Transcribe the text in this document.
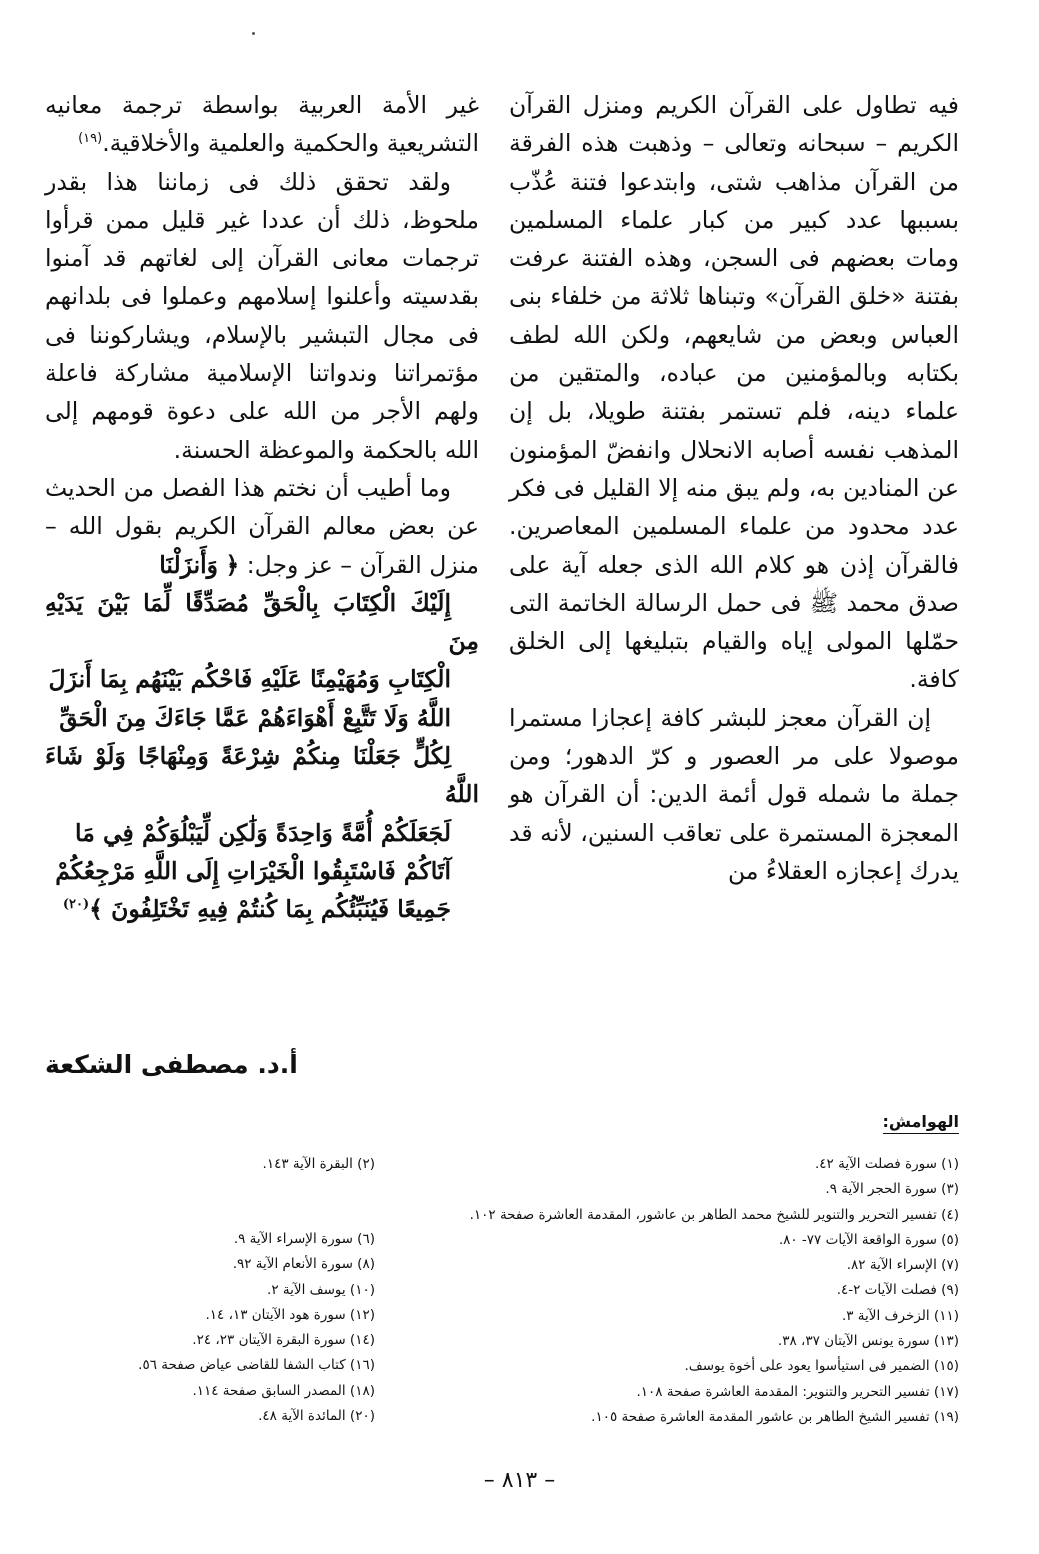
فيه تطاول على القرآن الكريم ومنزل القرآن الكريم – سبحانه وتعالى – وذهبت هذه الفرقة من القرآن مذاهب شتى، وابتدعوا فتنة عُذّب بسببها عدد كبير من كبار علماء المسلمين ومات بعضهم فى السجن، وهذه الفتنة عرفت بفتنة «خلق القرآن» وتبناها ثلاثة من خلفاء بنى العباس وبعض من شايعهم، ولكن الله لطف بكتابه وبالمؤمنين من عباده، والمتقين من علماء دينه، فلم تستمر بفتنة طويلا، بل إن المذهب نفسه أصابه الانحلال وانفضّ المؤمنون عن المنادين به، ولم يبق منه إلا القليل فى فكر عدد محدود من علماء المسلمين المعاصرين. فالقرآن إذن هو كلام الله الذى جعله آية على صدق محمد ﷺ فى حمل الرسالة الخاتمة التى حمّلها المولى إياه والقيام بتبليغها إلى الخلق كافة.

إن القرآن معجز للبشر كافة إعجازا مستمرا موصولا على مر العصور و كرّ الدهور؛ ومن جملة ما شمله قول أئمة الدين: أن القرآن هو المعجزة المستمرة على تعاقب السنين، لأنه قد يدرك إعجازه العقلاءُ من

غير الأمة العربية بواسطة ترجمة معانيه التشريعية والحكمية والعلمية والأخلاقية.$^{(١٩)}$

ولقد تحقق ذلك فى زماننا هذا بقدر ملحوظ، ذلك أن عددا غير قليل ممن قرأوا ترجمات معانى القرآن إلى لغاتهم قد آمنوا بقدسيته وأعلنوا إسلامهم وعملوا فى بلدانهم فى مجال التبشير بالإسلام، ويشاركوننا فى مؤتمراتنا وندواتنا الإسلامية مشاركة فاعلة ولهم الأجر من الله على دعوة قومهم إلى الله بالحكمة والموعظة الحسنة.

وما أطيب أن نختم هذا الفصل من الحديث عن بعض معالم القرآن الكريم بقول الله – منزل القرآن – عز وجل: ﴿ وَأَنزَلْنَا
إِلَيْكَ الْكِتَابَ بِالْحَقِّ مُصَدِّقًا لِّمَا بَيْنَ يَدَيْهِ مِنَ
الْكِتَابِ وَمُهَيْمِنًا عَلَيْهِ فَاحْكُم بَيْنَهُم بِمَا أَنزَلَ
اللَّهُ وَلَا تَتَّبِعْ أَهْوَاءَهُمْ عَمَّا جَاءَكَ مِنَ الْحَقِّ
لِكُلٍّ جَعَلْنَا مِنكُمْ شِرْعَةً وَمِنْهَاجًا وَلَوْ شَاءَ اللَّهُ
لَجَعَلَكُمْ أُمَّةً وَاحِدَةً وَلَٰكِن لِّيَبْلُوَكُمْ فِي مَا
آتَاكُمْ فَاسْتَبِقُوا الْخَيْرَاتِ إِلَى اللَّهِ مَرْجِعُكُمْ
جَمِيعًا فَيُنَبِّئُكُم بِمَا كُنتُمْ فِيهِ تَخْتَلِفُونَ ﴾$^{(٢٠)}$

أ.د. مصطفى الشكعة
الهوامش:
(١) سورة فصلت الآية ٤٢.
(٣) سورة الحجر الآية ٩.
(٤) تفسير التحرير والتنوير للشيخ محمد الطاهر بن عاشور، المقدمة العاشرة صفحة ١٠٢.
(٥) سورة الواقعة الآيات ٧٧- ٨٠.
(٧) الإسراء الآية ٨٢.
(٩) فصلت الآيات ٢-٤.
(١١) الزخرف الآية ٣.
(١٣) سورة يونس الآيتان ٣٧، ٣٨.
(١٥) الضمير فى استيأسوا يعود على أخوة يوسف.
(١٧) تفسير التحرير والتنوير: المقدمة العاشرة صفحة ١٠٨.
(١٩) تفسير الشيخ الطاهر بن عاشور المقدمة العاشرة صفحة ١٠٥.
(٢) البقرة الآية ١٤٣.
(٦) سورة الإسراء الآية ٩.
(٨) سورة الأنعام الآية ٩٢.
(١٠) يوسف الآية ٢.
(١٢) سورة هود الآيتان ١٣، ١٤.
(١٤) سورة البقرة الآيتان ٢٣، ٢٤.
(١٦) كتاب الشفا للقاضى عياض صفحة ٥٦.
(١٨) المصدر السابق صفحة ١١٤.
(٢٠) المائدة الآية ٤٨.
– ٨١٣ –
